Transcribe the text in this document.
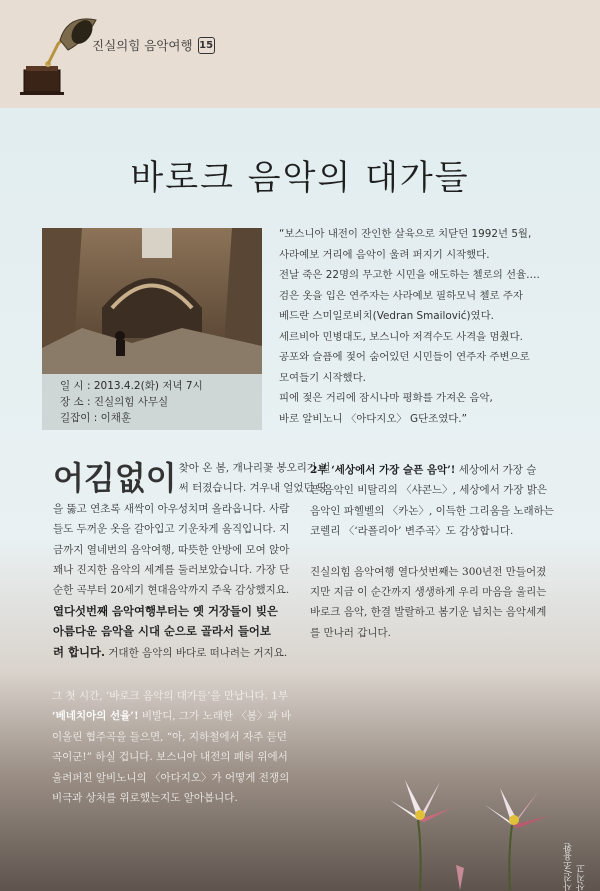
진실의힘 음악여행 15
바로크 음악의 대가들
일 시 : 2013.4.2(화) 저녁 7시
장 소 : 진실의힘 사무실
길잡이 : 이채훈

“보스니아 내전이 잔인한 살육으로 치닫던 1992년 5월,

사라예보 거리에 음악이 울려 퍼지기 시작했다.

전날 죽은 22명의 무고한 시민을 애도하는 첼로의 선율….

검은 옷을 입은 연주자는 사라예보 필하모닉 첼로 주자

베드란 스미일로비치(Vedran Smailović)였다.

세르비아 민병대도, 보스니아 저격수도 사격을 멈췄다.

공포와 슬픔에 젖어 숨어있던 시민들이 연주자 주변으로

모여들기 시작했다.

피에 젖은 거리에 잠시나마 평화를 가져온 음악,

바로 알비노니 〈아다지오〉 G단조였다.”

어김없이 찾아 온 봄, 개나리꽃 봉오리가 벌

써 터졌습니다. 겨우내 얼었던 땅

을 뚫고 연초록 새싹이 아우성치며 올라옵니다. 사람

들도 두꺼운 옷을 갈아입고 기운차게 움직입니다. 지

금까지 열네번의 음악여행, 따뜻한 안방에 모여 앉아

꽤나 진지한 음악의 세계를 둘러보았습니다. 가장 단

순한 곡부터 20세기 현대음악까지 주욱 감상했지요.

열다섯번째 음악여행부터는 옛 거장들이 빚은

아름다운 음악을 시대 순으로 골라서 들어보

려 합니다. 거대한 음악의 바다로 떠나려는 거지요.

2부 ‘세상에서 가장 슬픈 음악’! 세상에서 가장 슬

픈 음악인 비탈리의 〈샤콘느〉, 세상에서 가장 밝은

음악인 파헬벨의 〈카논〉, 이득한 그리움을 노래하는

코렐리 〈‘라폴리아’ 변주곡〉도 감상합니다.

진실의힘 음악여행 열다섯번째는 300년전 만들어졌

지만 지금 이 순간까지 생생하게 우리 마음을 울리는

바로크 음악, 한결 발랄하고 봄기운 넘치는 음악세계

를 만나러 갑니다.

그 첫 시간, ‘바로크 음악의 대가들’을 만납니다. 1부

‘베네치아의 선율’! 비발디, 그가 노래한 〈봄〉과 바

이올린 협주곡을 들으면, “아, 지하철에서 자주 듣던

곡이군!” 하실 겁니다. 보스니아 내전의 폐허 위에서

울려퍼진 알비노니의 〈아다지오〉가 어떻게 전쟁의

비극과 상처를 위로했는지도 알아봅니다.

사진/조용환 산지고
